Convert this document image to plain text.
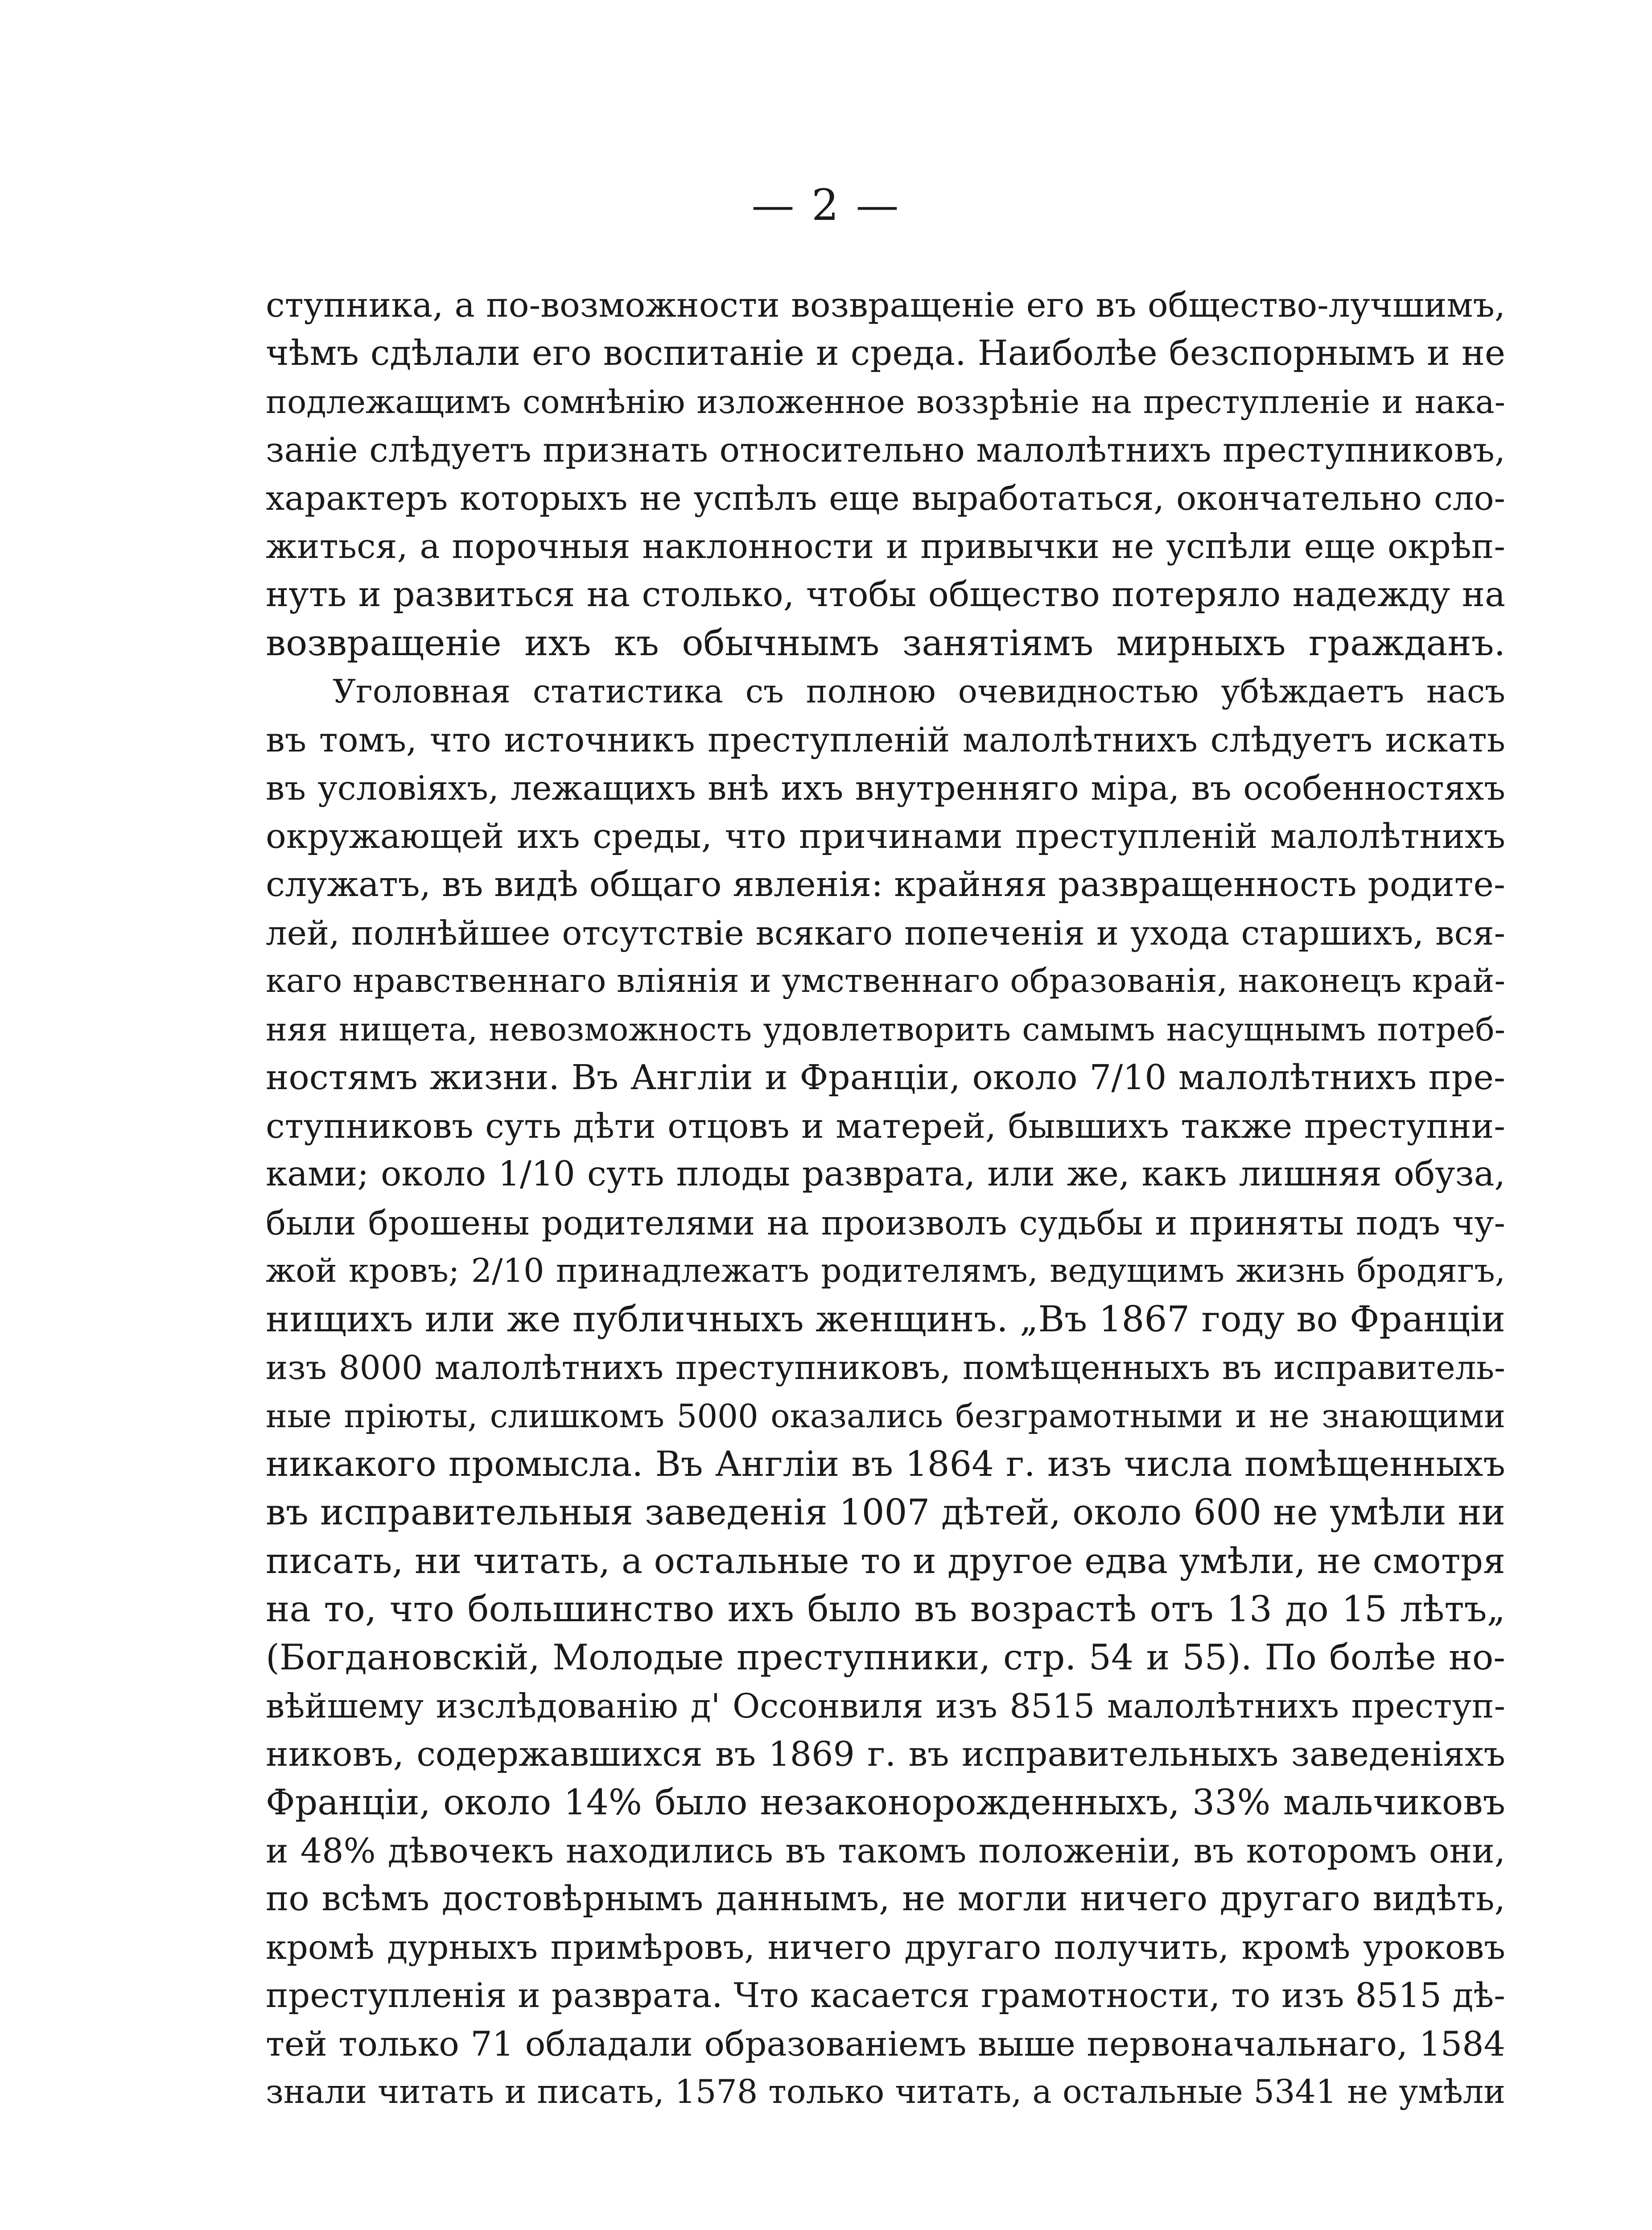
— 2 —
ступника, а по-возможности возвращеніе его въ общество-лучшимъ,
чѣмъ сдѣлали его воспитаніе и среда. Наиболѣе безспорнымъ и не
подлежащимъ сомнѣнію изложенное воззрѣніе на преступленіе и нака-
заніе слѣдуетъ признать относительно малолѣтнихъ преступниковъ,
характеръ которыхъ не успѣлъ еще выработаться, окончательно сло-
житься, а порочныя наклонности и привычки не успѣли еще окрѣп-
нуть и развиться на столько, чтобы общество потеряло надежду на
возвращеніе ихъ къ обычнымъ занятіямъ мирныхъ гражданъ.
Уголовная статистика съ полною очевидностью убѣждаетъ насъ
въ томъ, что источникъ преступленій малолѣтнихъ слѣдуетъ искать
въ условіяхъ, лежащихъ внѣ ихъ внутренняго міра, въ особенностяхъ
окружающей ихъ среды, что причинами преступленій малолѣтнихъ
служатъ, въ видѣ общаго явленія: крайняя развращенность родите-
лей, полнѣйшее отсутствіе всякаго попеченія и ухода старшихъ, вся-
каго нравственнаго вліянія и умственнаго образованія, наконецъ край-
няя нищета, невозможность удовлетворить самымъ насущнымъ потреб-
ностямъ жизни. Въ Англіи и Франціи, около 7/10 малолѣтнихъ пре-
ступниковъ суть дѣти отцовъ и матерей, бывшихъ также преступни-
ками; около 1/10 суть плоды разврата, или же, какъ лишняя обуза,
были брошены родителями на произволъ судьбы и приняты подъ чу-
жой кровъ; 2/10 принадлежатъ родителямъ, ведущимъ жизнь бродягъ,
нищихъ или же публичныхъ женщинъ. „Въ 1867 году во Франціи
изъ 8000 малолѣтнихъ преступниковъ, помѣщенныхъ въ исправитель-
ные пріюты, слишкомъ 5000 оказались безграмотными и не знающими
никакого промысла. Въ Англіи въ 1864 г. изъ числа помѣщенныхъ
въ исправительныя заведенія 1007 дѣтей, около 600 не умѣли ни
писать, ни читать, а остальные то и другое едва умѣли, не смотря
на то, что большинство ихъ было въ возрастѣ отъ 13 до 15 лѣтъ„
(Богдановскій, Молодые преступники, стр. 54 и 55). По болѣе но-
вѣйшему изслѣдованію д' Оссонвиля изъ 8515 малолѣтнихъ преступ-
никовъ, содержавшихся въ 1869 г. въ исправительныхъ заведеніяхъ
Франціи, около 14% было незаконорожденныхъ, 33% мальчиковъ
и 48% дѣвочекъ находились въ такомъ положеніи, въ которомъ они,
по всѣмъ достовѣрнымъ даннымъ, не могли ничего другаго видѣть,
кромѣ дурныхъ примѣровъ, ничего другаго получить, кромѣ уроковъ
преступленія и разврата. Что касается грамотности, то изъ 8515 дѣ-
тей только 71 обладали образованіемъ выше первоначальнаго, 1584
знали читать и писать, 1578 только читать, а остальные 5341 не умѣли
